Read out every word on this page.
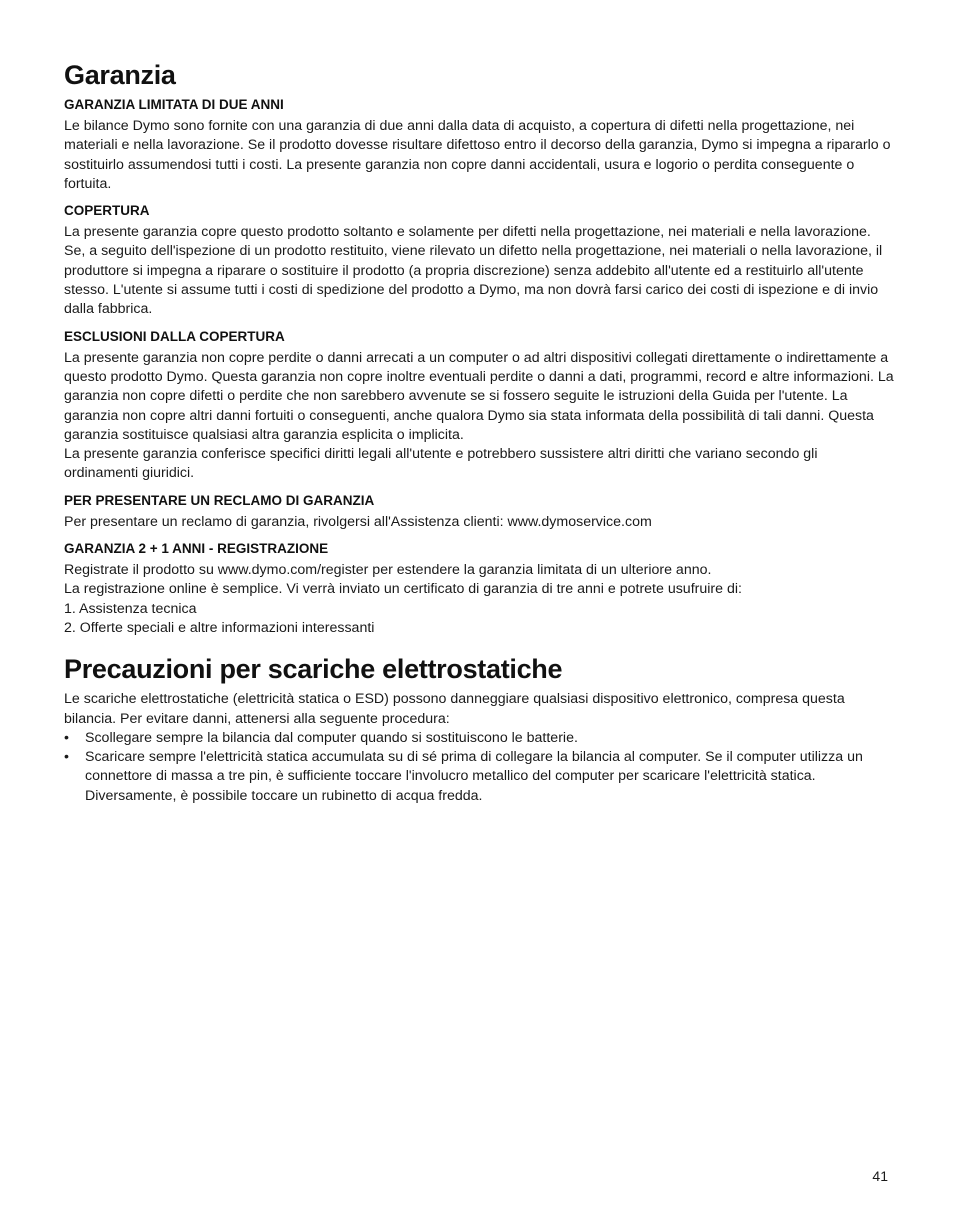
Garanzia
GARANZIA LIMITATA DI DUE ANNI

Le bilance Dymo sono fornite con una garanzia di due anni dalla data di acquisto, a copertura di difetti nella progettazione, nei materiali e nella lavorazione. Se il prodotto dovesse risultare difettoso entro il decorso della garanzia, Dymo si impegna a ripararlo o sostituirlo assumendosi tutti i costi. La presente garanzia non copre danni accidentali, usura e logorio o perdita conseguente o fortuita.

COPERTURA

La presente garanzia copre questo prodotto soltanto e solamente per difetti nella progettazione, nei materiali e nella lavorazione. Se, a seguito dell'ispezione di un prodotto restituito, viene rilevato un difetto nella progettazione, nei materiali o nella lavorazione, il produttore si impegna a riparare o sostituire il prodotto (a propria discrezione) senza addebito all'utente ed a restituirlo all'utente stesso. L'utente si assume tutti i costi di spedizione del prodotto a Dymo, ma non dovrà farsi carico dei costi di ispezione e di invio dalla fabbrica.

ESCLUSIONI DALLA COPERTURA

La presente garanzia non copre perdite o danni arrecati a un computer o ad altri dispositivi collegati direttamente o indirettamente a questo prodotto Dymo. Questa garanzia non copre inoltre eventuali perdite o danni a dati, programmi, record e altre informazioni. La garanzia non copre difetti o perdite che non sarebbero avvenute se si fossero seguite le istruzioni della Guida per l'utente. La garanzia non copre altri danni fortuiti o conseguenti, anche qualora Dymo sia stata informata della possibilità di tali danni. Questa garanzia sostituisce qualsiasi altra garanzia esplicita o implicita.

La presente garanzia conferisce specifici diritti legali all'utente e potrebbero sussistere altri diritti che variano secondo gli ordinamenti giuridici.

PER PRESENTARE UN RECLAMO DI GARANZIA

Per presentare un reclamo di garanzia, rivolgersi all'Assistenza clienti: www.dymoservice.com

GARANZIA 2 + 1 ANNI - REGISTRAZIONE

Registrate il prodotto su www.dymo.com/register per estendere la garanzia limitata di un ulteriore anno.

La registrazione online è semplice. Vi verrà inviato un certificato di garanzia di tre anni e potrete usufruire di:

1. Assistenza tecnica

2. Offerte speciali e altre informazioni interessanti

Precauzioni per scariche elettrostatiche

Le scariche elettrostatiche (elettricità statica o ESD) possono danneggiare qualsiasi dispositivo elettronico, compresa questa bilancia. Per evitare danni, attenersi alla seguente procedura:

• Scollegare sempre la bilancia dal computer quando si sostituiscono le batterie.
• Scaricare sempre l'elettricità statica accumulata su di sé prima di collegare la bilancia al computer. Se il computer utilizza un connettore di massa a tre pin, è sufficiente toccare l'involucro metallico del computer per scaricare l'elettricità statica. Diversamente, è possibile toccare un rubinetto di acqua fredda.
41
